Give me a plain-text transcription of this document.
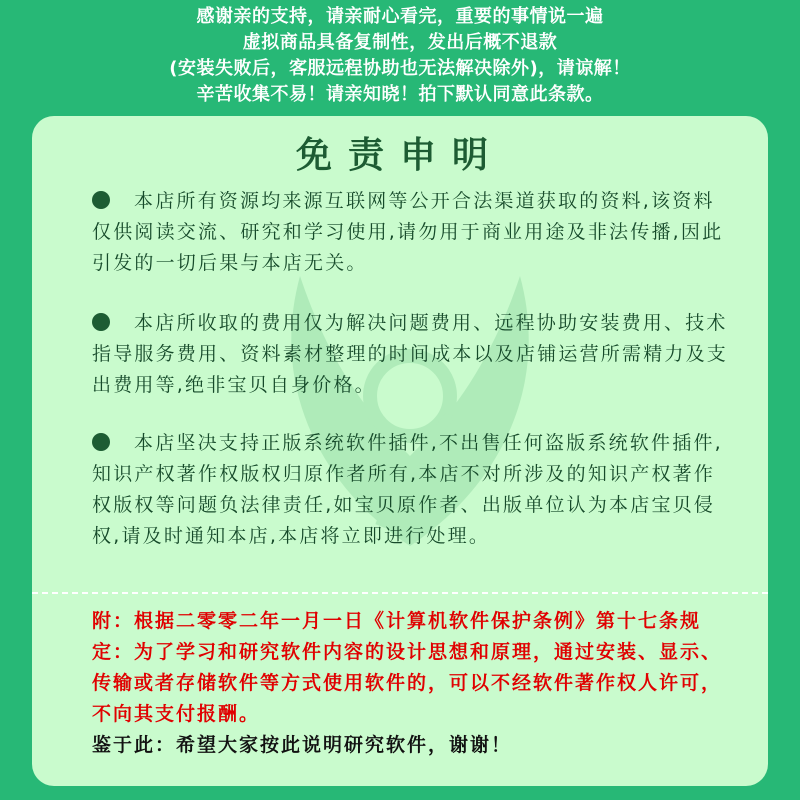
感谢亲的支持，请亲耐心看完，重要的事情说一遍
虚拟商品具备复制性，发出后概不退款
(安装失败后，客服远程协助也无法解决除外)，请谅解！
辛苦收集不易！请亲知晓！拍下默认同意此条款。
免责申明
本店所有资源均来源互联网等公开合法渠道获取的资料,该资料仅供阅读交流、研究和学习使用,请勿用于商业用途及非法传播,因此引发的一切后果与本店无关。
本店所收取的费用仅为解决问题费用、远程协助安装费用、技术指导服务费用、资料素材整理的时间成本以及店铺运营所需精力及支出费用等,绝非宝贝自身价格。
本店坚决支持正版系统软件插件,不出售任何盗版系统软件插件,知识产权著作权版权归原作者所有,本店不对所涉及的知识产权著作权版权等问题负法律责任,如宝贝原作者、出版单位认为本店宝贝侵权,请及时通知本店,本店将立即进行处理。
附：根据二零零二年一月一日《计算机软件保护条例》第十七条规定：为了学习和研究软件内容的设计思想和原理，通过安装、显示、传输或者存储软件等方式使用软件的，可以不经软件著作权人许可，不向其支付报酬。
鉴于此：希望大家按此说明研究软件，谢谢！
